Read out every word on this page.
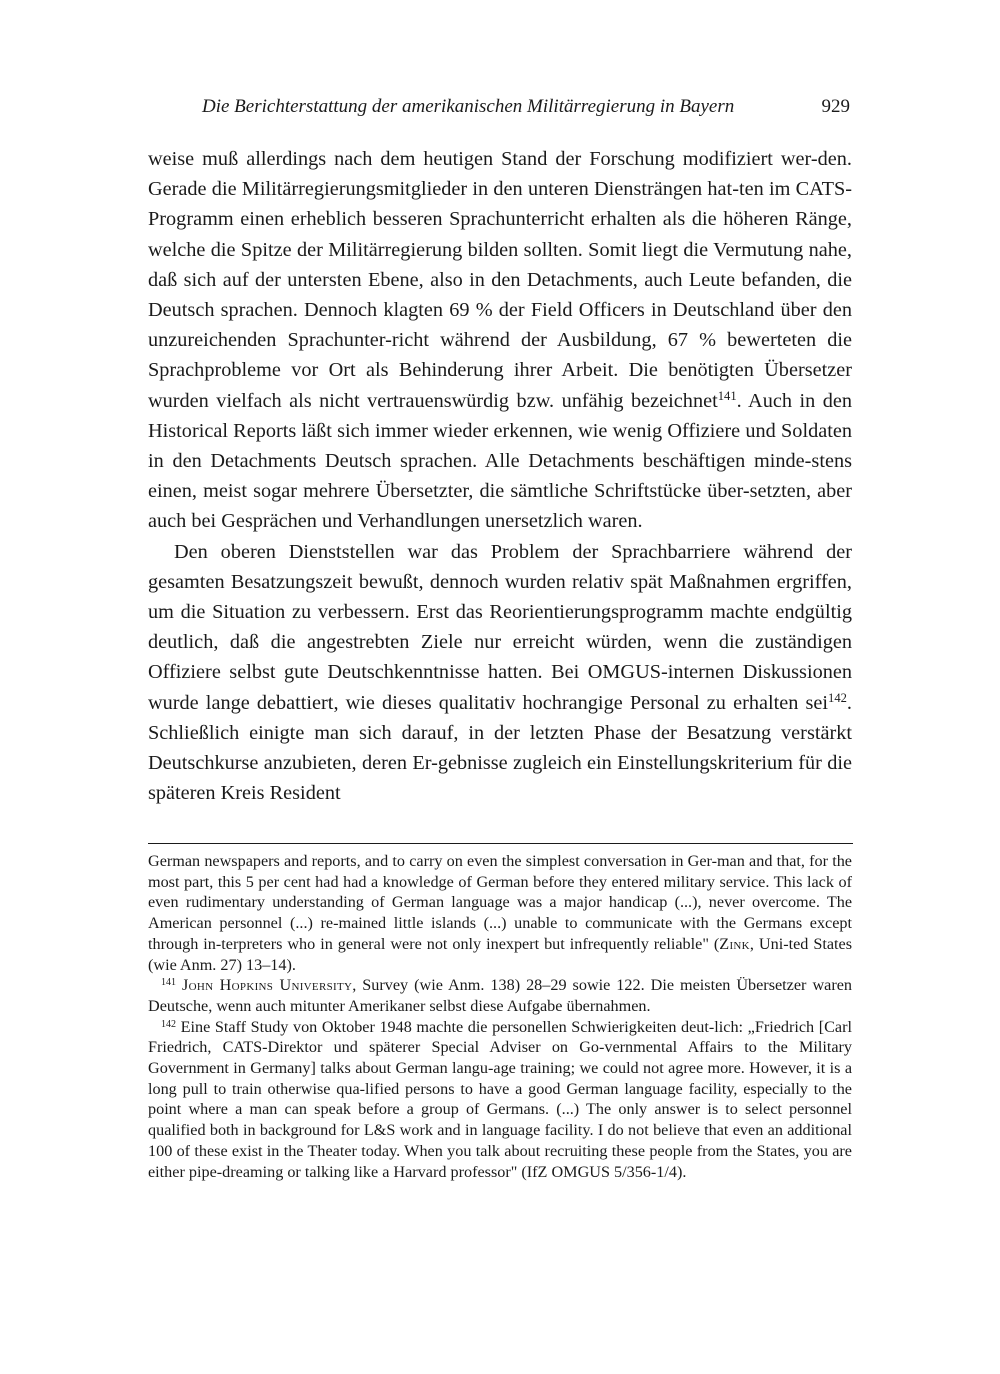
Die Berichterstattung der amerikanischen Militärregierung in Bayern	929

weise muß allerdings nach dem heutigen Stand der Forschung modifiziert wer-den. Gerade die Militärregierungsmitglieder in den unteren Diensträngen hat-ten im CATS-Programm einen erheblich besseren Sprachunterricht erhalten als die höheren Ränge, welche die Spitze der Militärregierung bilden sollten. Somit liegt die Vermutung nahe, daß sich auf der untersten Ebene, also in den Detachments, auch Leute befanden, die Deutsch sprachen. Dennoch klagten 69 % der Field Officers in Deutschland über den unzureichenden Sprachunter-richt während der Ausbildung, 67 % bewerteten die Sprachprobleme vor Ort als Behinderung ihrer Arbeit. Die benötigten Übersetzer wurden vielfach als nicht vertrauenswürdig bzw. unfähig bezeichnet$^{141}$. Auch in den Historical Reports läßt sich immer wieder erkennen, wie wenig Offiziere und Soldaten in den Detachments Deutsch sprachen. Alle Detachments beschäftigen minde-stens einen, meist sogar mehrere Übersetzter, die sämtliche Schriftstücke über-setzten, aber auch bei Gesprächen und Verhandlungen unersetzlich waren.

Den oberen Dienststellen war das Problem der Sprachbarriere während der gesamten Besatzungszeit bewußt, dennoch wurden relativ spät Maßnahmen ergriffen, um die Situation zu verbessern. Erst das Reorientierungsprogramm machte endgültig deutlich, daß die angestrebten Ziele nur erreicht würden, wenn die zuständigen Offiziere selbst gute Deutschkenntnisse hatten. Bei OMGUS-internen Diskussionen wurde lange debattiert, wie dieses qualitativ hochrangige Personal zu erhalten sei$^{142}$. Schließlich einigte man sich darauf, in der letzten Phase der Besatzung verstärkt Deutschkurse anzubieten, deren Er-gebnisse zugleich ein Einstellungskriterium für die späteren Kreis Resident

German newspapers and reports, and to carry on even the simplest conversation in Ger-man and that, for the most part, this 5 per cent had had a knowledge of German before they entered military service. This lack of even rudimentary understanding of German language was a major handicap (...), never overcome. The American personnel (...) re-mained little islands (...) unable to communicate with the Germans except through in-terpreters who in general were not only inexpert but infrequently reliable" (Zink, Uni-ted States (wie Anm. 27) 13–14).

$^{141}$ John Hopkins University, Survey (wie Anm. 138) 28–29 sowie 122. Die meisten Übersetzer waren Deutsche, wenn auch mitunter Amerikaner selbst diese Aufgabe übernahmen.

$^{142}$ Eine Staff Study von Oktober 1948 machte die personellen Schwierigkeiten deut-lich: „Friedrich [Carl Friedrich, CATS-Direktor und späterer Special Adviser on Go-vernmental Affairs to the Military Government in Germany] talks about German langu-age training; we could not agree more. However, it is a long pull to train otherwise qua-lified persons to have a good German language facility, especially to the point where a man can speak before a group of Germans. (...) The only answer is to select personnel qualified both in background for L&S work and in language facility. I do not believe that even an additional 100 of these exist in the Theater today. When you talk about recruiting these people from the States, you are either pipe-dreaming or talking like a Harvard professor" (IfZ OMGUS 5/356-1/4).
